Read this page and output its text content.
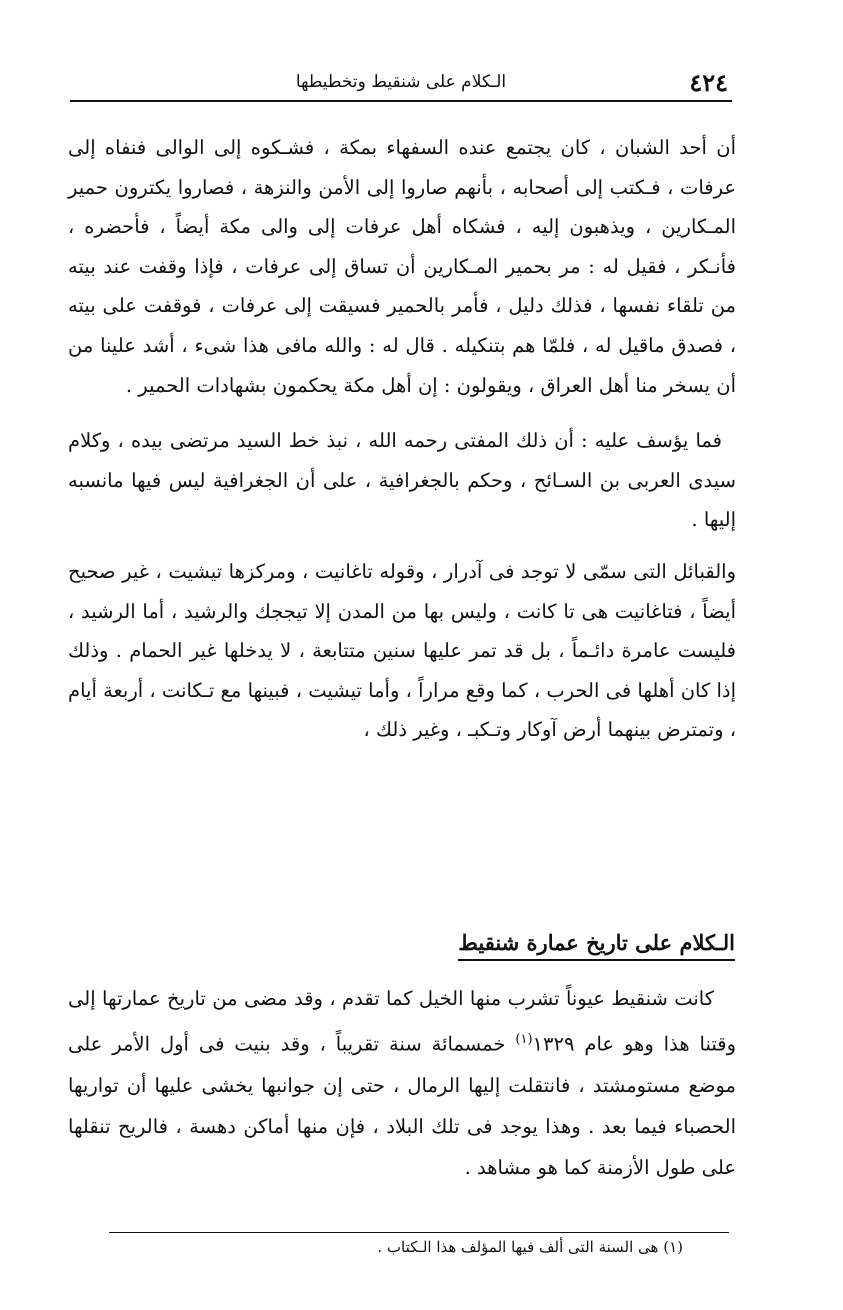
٤٢٤
الـكلام على شنقيط وتخطيطها

أن أحد الشبان ، كان يجتمع عنده السفهاء بمكة ، فشـكوه إلى الوالى فنفاه إلى عرفات ، فـكتب إلى أصحابه ، بأنهم صاروا إلى الأمن والنزهة ، فصاروا يكترون حمير المـكارين ، ويذهبون إليه ، فشكاه أهل عرفات إلى والى مكة أيضاً ، فأحضره ، فأنـكر ، فقيل له : مر بحمير المـكارين أن تساق إلى عرفات ، فإذا وقفت عند بيته من تلقاء نفسها ، فذلك دليل ، فأمر بالحمير فسيقت إلى عرفات ، فوقفت على بيته ، فصدق ماقيل له ، فلمّا هم بتنكيله . قال له : والله مافى هذا شىء ، أشد علينا من أن يسخر منا أهل العراق ، ويقولون : إن أهل مكة يحكمون بشهادات الحمير .

فما يؤسف عليه : أن ذلك المفتى رحمه الله ، نبذ خط السيد مرتضى بيده ، وكلام سيدى العربى بن السـائح ، وحكم بالجغرافية ، على أن الجغرافية ليس فيها مانسبه إليها .

والقبائل التى سمّى لا توجد فى آدرار ، وقوله تاغانيت ، ومركزها تيشيت ، غير صحيح أيضاً ، فتاغانيت هى تا كانت ، وليس بها من المدن إلا تيججك والرشيد ، أما الرشيد ، فليست عامرة دائـماً ، بل قد تمر عليها سنين متتابعة ، لا يدخلها غير الحمام . وذلك إذا كان أهلها فى الحرب ، كما وقع مراراً ، وأما تيشيت ، فبينها مع تـكانت ، أربعة أيام ، وتمترض بينهما أرض آوكار وتـكبـ ، وغير ذلك ،

الـكلام على تاريخ عمارة شنقيط

كانت شنقيط عيوناً تشرب منها الخيل كما تقدم ، وقد مضى من تاريخ عمارتها إلى وقتنا هذا وهو عام ١٣٢٩$^{(١)}$ خمسمائة سنة تقريباً ، وقد بنيت فى أول الأمر على موضع مستومشتد ، فانتقلت إليها الرمال ، حتى إن جوانبها يخشى عليها أن تواريها الحصباء فيما بعد . وهذا يوجد فى تلك البلاد ، فإن منها أماكن دهسة ، فالريح تنقلها على طول الأزمنة كما هو مشاهد .

(١) هى السنة التى ألف فيها المؤلف هذا الـكتاب .
